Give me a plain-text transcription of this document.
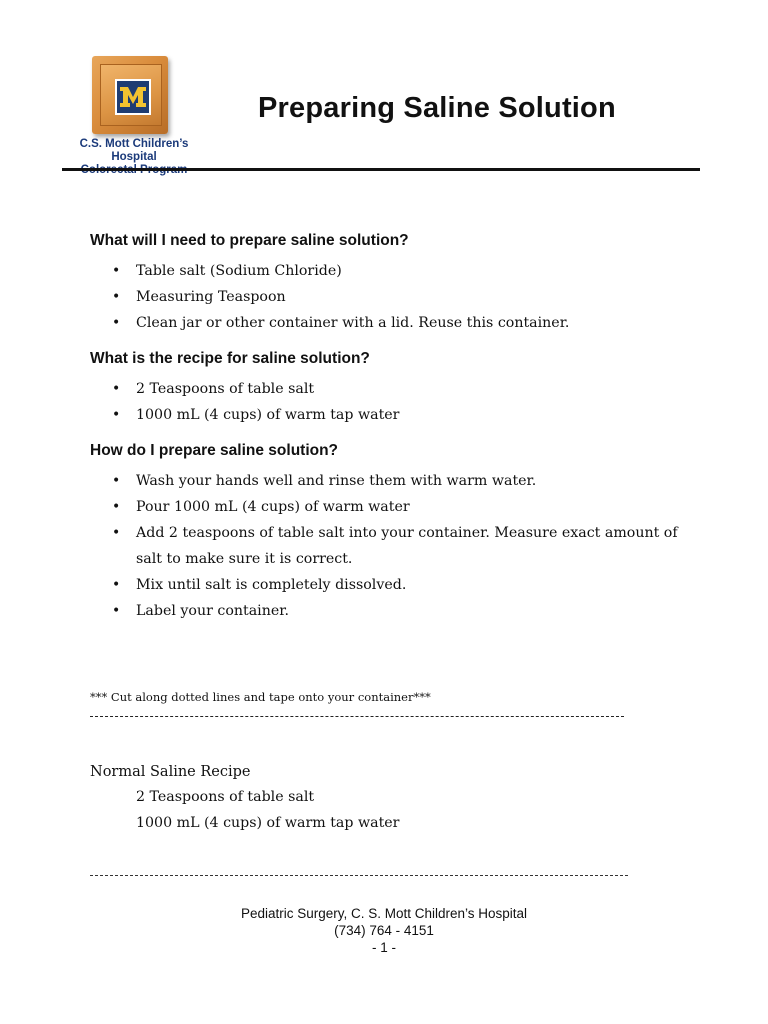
C.S. Mott Children’s Hospital
Preparing Saline Solution
What will I need to prepare saline solution?
• Table salt (Sodium Chloride)
• Measuring Teaspoon
• Clean jar or other container with a lid. Reuse this container.
What is the recipe for saline solution?
• 2 Teaspoons of table salt
• 1000 mL (4 cups) of warm tap water
How do I prepare saline solution?
• Wash your hands well and rinse them with warm water.
• Pour 1000 mL (4 cups) of warm water
• Add 2 teaspoons of table salt into your container. Measure exact amount of salt to make sure it is correct.
• Mix until salt is completely dissolved.
• Label your container.
*** Cut along dotted lines and tape onto your container***
Normal Saline Recipe
2 Teaspoons of table salt
1000 mL (4 cups) of warm tap water
Pediatric Surgery, C. S. Mott Children’s Hospital
(734) 764 - 4151
- 1 -
